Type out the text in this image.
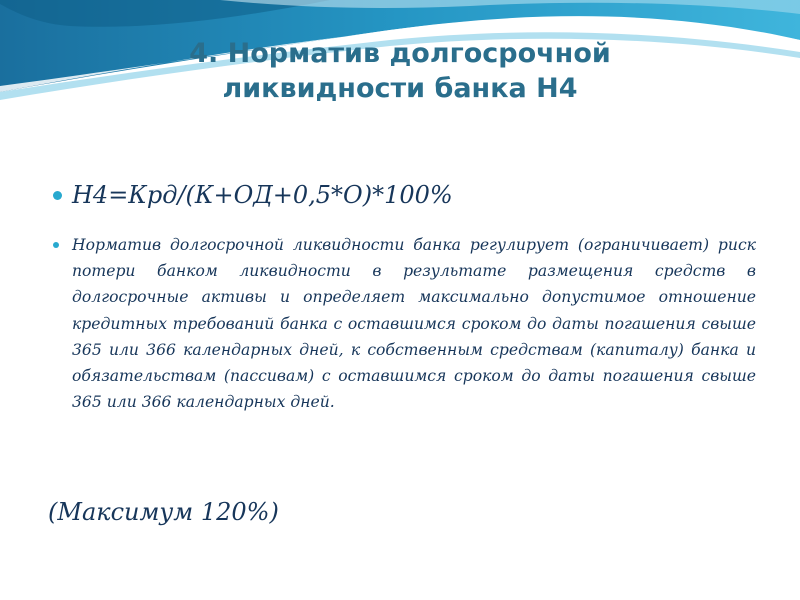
4. Норматив долгосрочной
ликвидности банка Н4
Н4=Крд/(К+ОД+0,5*О)*100%
Норматив долгосрочной ликвидности банка регулирует (ограничивает) риск потери банком ликвидности в результате размещения средств в долгосрочные активы и определяет максимально допустимое отношение кредитных требований банка с оставшимся сроком до даты погашения свыше 365 или 366 календарных дней, к собственным средствам (капиталу) банка и обязательствам (пассивам) с оставшимся сроком до даты погашения свыше 365 или 366 календарных дней.
(Максимум 120%)
